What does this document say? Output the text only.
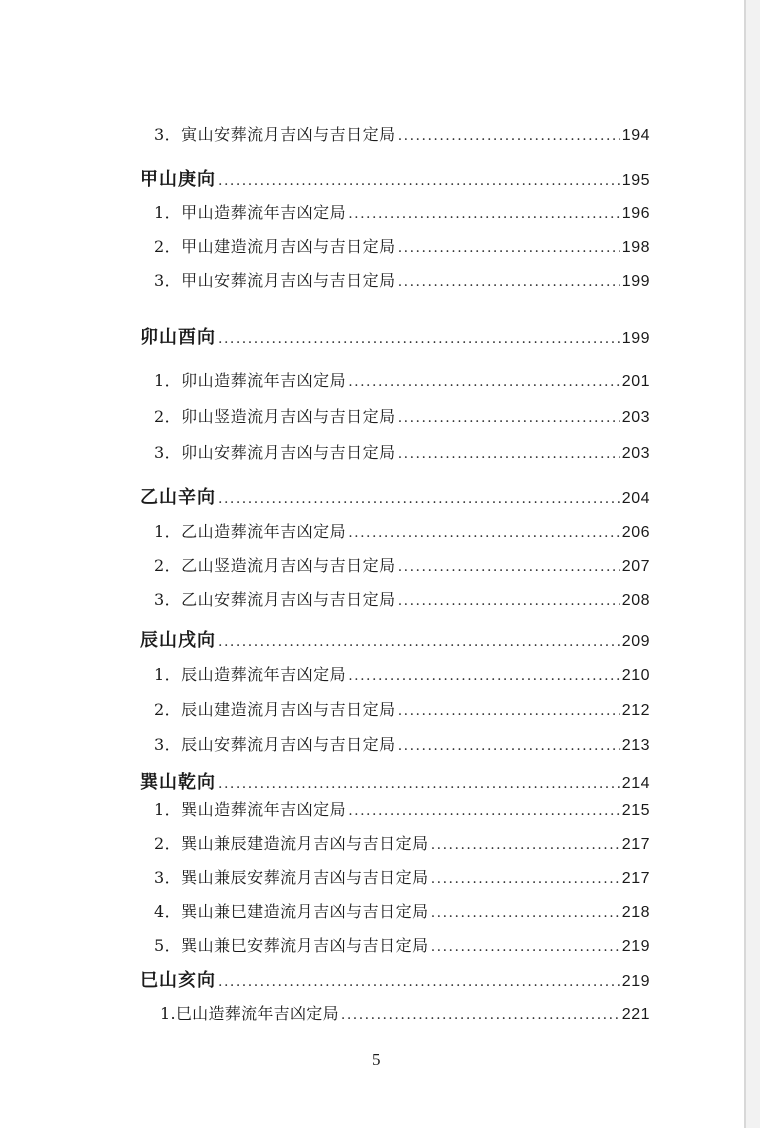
3．寅山安葬流月吉凶与吉日定局 .....	194
甲山庚向 .....	195
1．甲山造葬流年吉凶定局 .....	196
2．甲山建造流月吉凶与吉日定局 .....	198
3．甲山安葬流月吉凶与吉日定局 .....	199
卯山酉向 .....	199
1．卯山造葬流年吉凶定局 .....	201
2．卯山竖造流月吉凶与吉日定局 .....	203
3．卯山安葬流月吉凶与吉日定局 .....	203
乙山辛向 .....	204
1．乙山造葬流年吉凶定局 .....	206
2．乙山竖造流月吉凶与吉日定局 .....	207
3．乙山安葬流月吉凶与吉日定局 .....	208
辰山戌向 .....	209
1．辰山造葬流年吉凶定局 .....	210
2．辰山建造流月吉凶与吉日定局 .....	212
3．辰山安葬流月吉凶与吉日定局 .....	213
巽山乾向 .....	214
1．巽山造葬流年吉凶定局 .....	215
2．巽山兼辰建造流月吉凶与吉日定局 .....	217
3．巽山兼辰安葬流月吉凶与吉日定局 .....	217
4．巽山兼巳建造流月吉凶与吉日定局 .....	218
5．巽山兼巳安葬流月吉凶与吉日定局 .....	219
巳山亥向 .....	219
1.巳山造葬流年吉凶定局 .....	221
5
